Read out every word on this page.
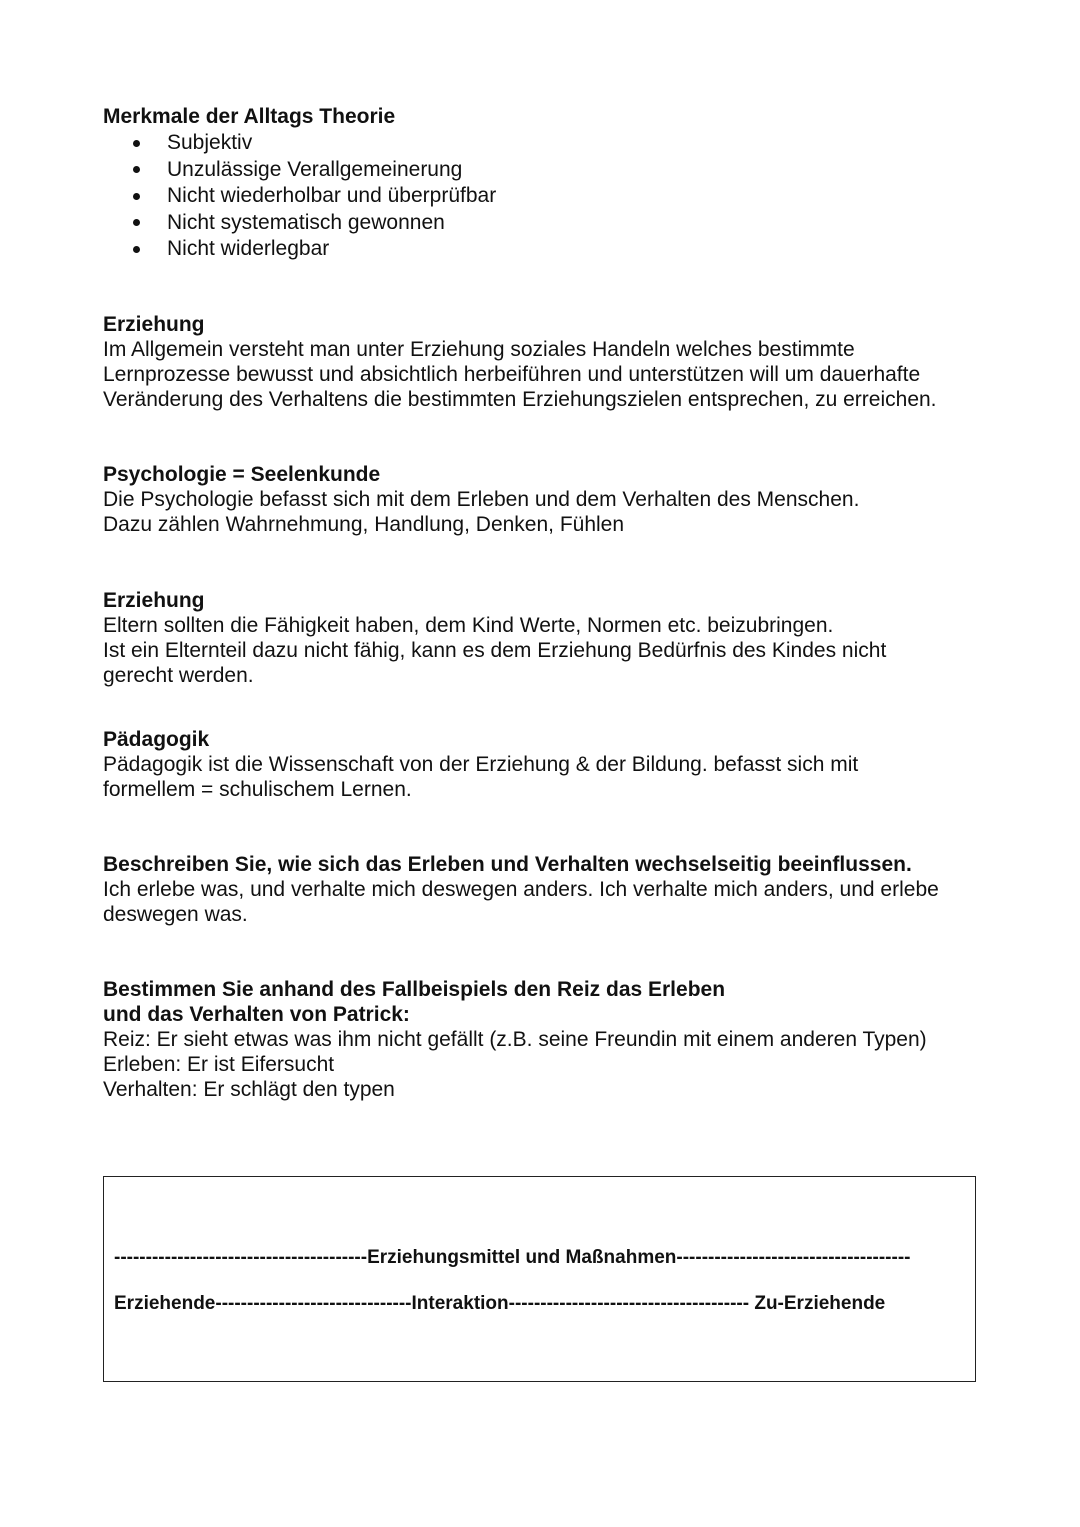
Merkmale der Alltags Theorie
Subjektiv
Unzulässige Verallgemeinerung
Nicht wiederholbar und überprüfbar
Nicht systematisch gewonnen
Nicht widerlegbar
Erziehung
Im Allgemein versteht man unter Erziehung soziales Handeln welches bestimmte
Lernprozesse bewusst und absichtlich herbeiführen und unterstützen will um dauerhafte
Veränderung des Verhaltens die bestimmten Erziehungszielen entsprechen, zu erreichen.
Psychologie = Seelenkunde
Die Psychologie befasst sich mit dem Erleben und dem Verhalten des Menschen.
Dazu zählen Wahrnehmung, Handlung, Denken, Fühlen
Erziehung
Eltern sollten die Fähigkeit haben, dem Kind Werte, Normen etc. beizubringen.
Ist ein Elternteil dazu nicht fähig, kann es dem Erziehung Bedürfnis des Kindes nicht
gerecht werden.
Pädagogik
Pädagogik ist die Wissenschaft von der Erziehung & der Bildung. befasst sich mit
formellem = schulischem Lernen.
Beschreiben Sie, wie sich das Erleben und Verhalten wechselseitig beeinflussen.
Ich erlebe was, und verhalte mich deswegen anders. Ich verhalte mich anders, und erlebe
deswegen was.
Bestimmen Sie anhand des Fallbeispiels den Reiz das Erleben
und das Verhalten von Patrick:
Reiz: Er sieht etwas was ihm nicht gefällt (z.B. seine Freundin mit einem anderen Typen)
Erleben: Er ist Eifersucht
Verhalten: Er schlägt den typen
----------------------------------------Erziehungsmittel und Maßnahmen-------------------------------------
Erziehende-------------------------------Interaktion-------------------------------------- Zu-Erziehende
